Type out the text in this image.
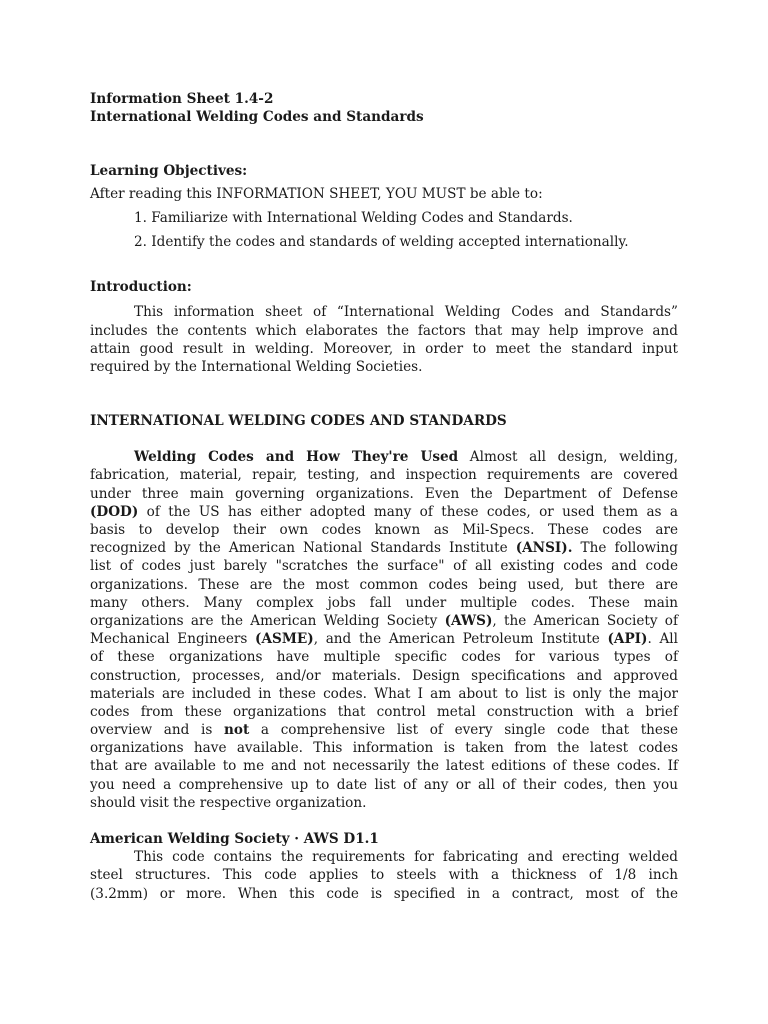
Information Sheet 1.4-2
International Welding Codes and Standards
Learning Objectives:
After reading this INFORMATION SHEET, YOU MUST be able to:
1. Familiarize with International Welding Codes and Standards.
2. Identify the codes and standards of welding accepted internationally.
Introduction:
This information sheet of “International Welding Codes and Standards”
includes the contents which elaborates the factors that may help improve and
attain good result in welding. Moreover, in order to meet the standard input
required by the International Welding Societies.
INTERNATIONAL WELDING CODES AND STANDARDS
Welding Codes and How They're Used Almost all design, welding,
fabrication, material, repair, testing, and inspection requirements are covered
under three main governing organizations. Even the Department of Defense
(DOD) of the US has either adopted many of these codes, or used them as a
basis to develop their own codes known as Mil-Specs. These codes are
recognized by the American National Standards Institute (ANSI). The following
list of codes just barely "scratches the surface" of all existing codes and code
organizations. These are the most common codes being used, but there are
many others. Many complex jobs fall under multiple codes. These main
organizations are the American Welding Society (AWS), the American Society of
Mechanical Engineers (ASME), and the American Petroleum Institute (API). All
of these organizations have multiple specific codes for various types of
construction, processes, and/or materials. Design specifications and approved
materials are included in these codes. What I am about to list is only the major
codes from these organizations that control metal construction with a brief
overview and is not a comprehensive list of every single code that these
organizations have available. This information is taken from the latest codes
that are available to me and not necessarily the latest editions of these codes. If
you need a comprehensive up to date list of any or all of their codes, then you
should visit the respective organization.
American Welding Society · AWS D1.1
This code contains the requirements for fabricating and erecting welded
steel structures. This code applies to steels with a thickness of 1/8 inch
(3.2mm) or more. When this code is specified in a contract, most of the
